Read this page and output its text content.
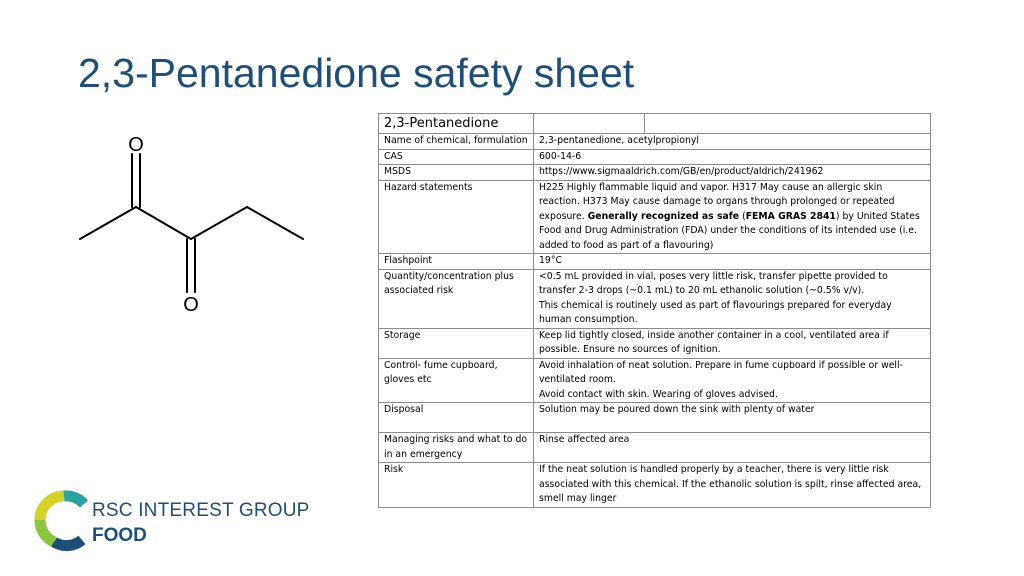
2,3-Pentanedione safety sheet
O
O
2,3-Pentanedione	

Name of chemical, formulation	2,3-pentanedione, acetylpropionyl

CAS	600-14-6

MSDS	https://www.sigmaaldrich.com/GB/en/product/aldrich/241962

Hazard statements	H225 Highly flammable liquid and vapor. H317 May cause an allergic skin reaction. H373 May cause damage to organs through prolonged or repeated exposure. Generally recognized as safe (FEMA GRAS 2841) by United States Food and Drug Administration (FDA) under the conditions of its intended use (i.e. added to food as part of a flavouring)
Flashpoint	19°C

Quantity/concentration plus associated risk	<0.5 mL provided in vial, poses very little risk, transfer pipette provided to transfer 2-3 drops (~0.1 mL) to 20 mL ethanolic solution (~0.5% v/v).
This chemical is routinely used as part of flavourings prepared for everyday human consumption.

Storage	Keep lid tightly closed, inside another container in a cool, ventilated area if possible. Ensure no sources of ignition.

Control- fume cupboard, gloves etc	Avoid inhalation of neat solution. Prepare in fume cupboard if possible or well-ventilated room.
Avoid contact with skin. Wearing of gloves advised.

Disposal	Solution may be poured down the sink with plenty of water

Managing risks and what to do in an emergency	Rinse affected area

Risk	If the neat solution is handled properly by a teacher, there is very little risk associated with this chemical. If the ethanolic solution is spilt, rinse affected area, smell may linger
RSC INTEREST GROUP
FOOD
